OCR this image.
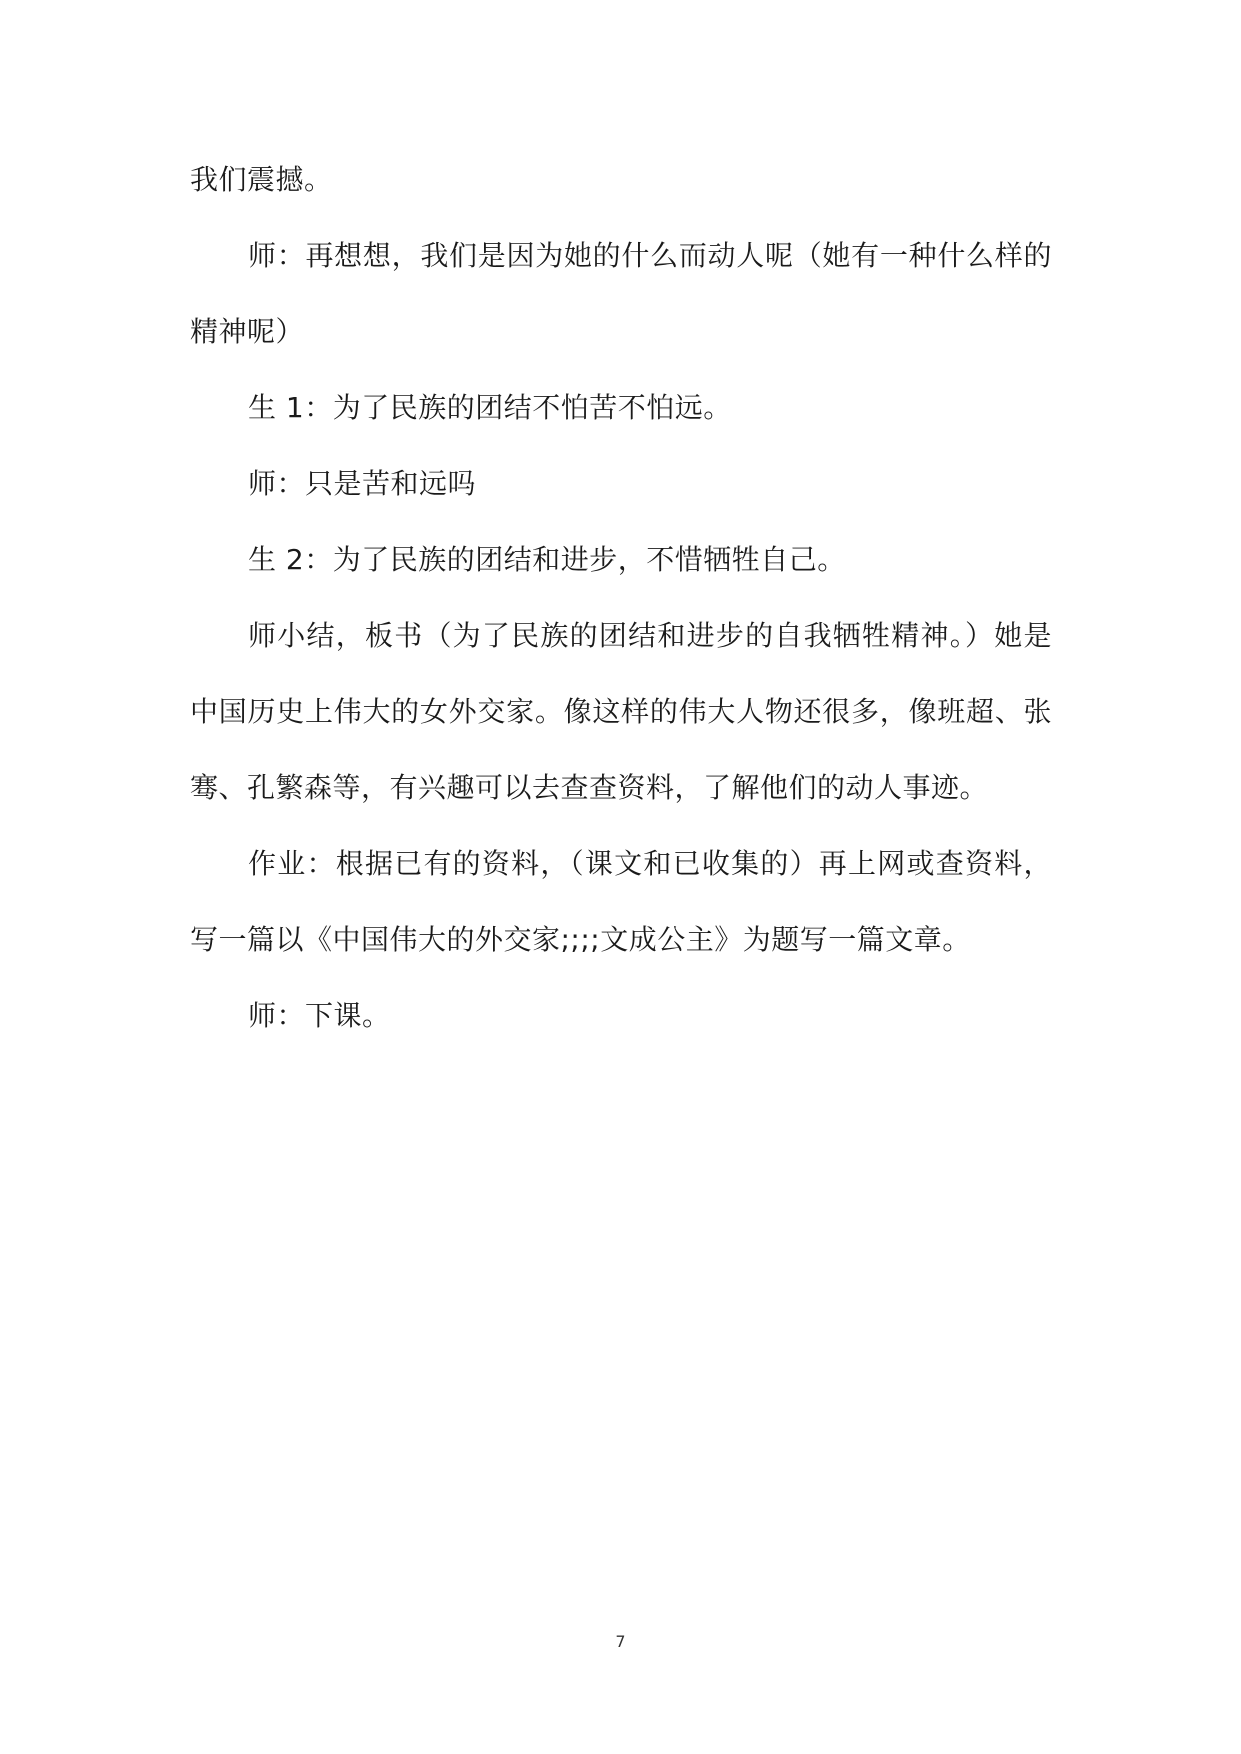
我们震撼。

师：再想想，我们是因为她的什么而动人呢（她有一种什么样的精神呢）

生 1：为了民族的团结不怕苦不怕远。

师：只是苦和远吗

生 2：为了民族的团结和进步，不惜牺牲自己。

师小结，板书（为了民族的团结和进步的自我牺牲精神。）她是中国历史上伟大的女外交家。像这样的伟大人物还很多，像班超、张骞、孔繁森等，有兴趣可以去查查资料，了解他们的动人事迹。

作业：根据已有的资料，（课文和已收集的）再上网或查资料，写一篇以《中国伟大的外交家;;;;文成公主》为题写一篇文章。

师：下课。

7
